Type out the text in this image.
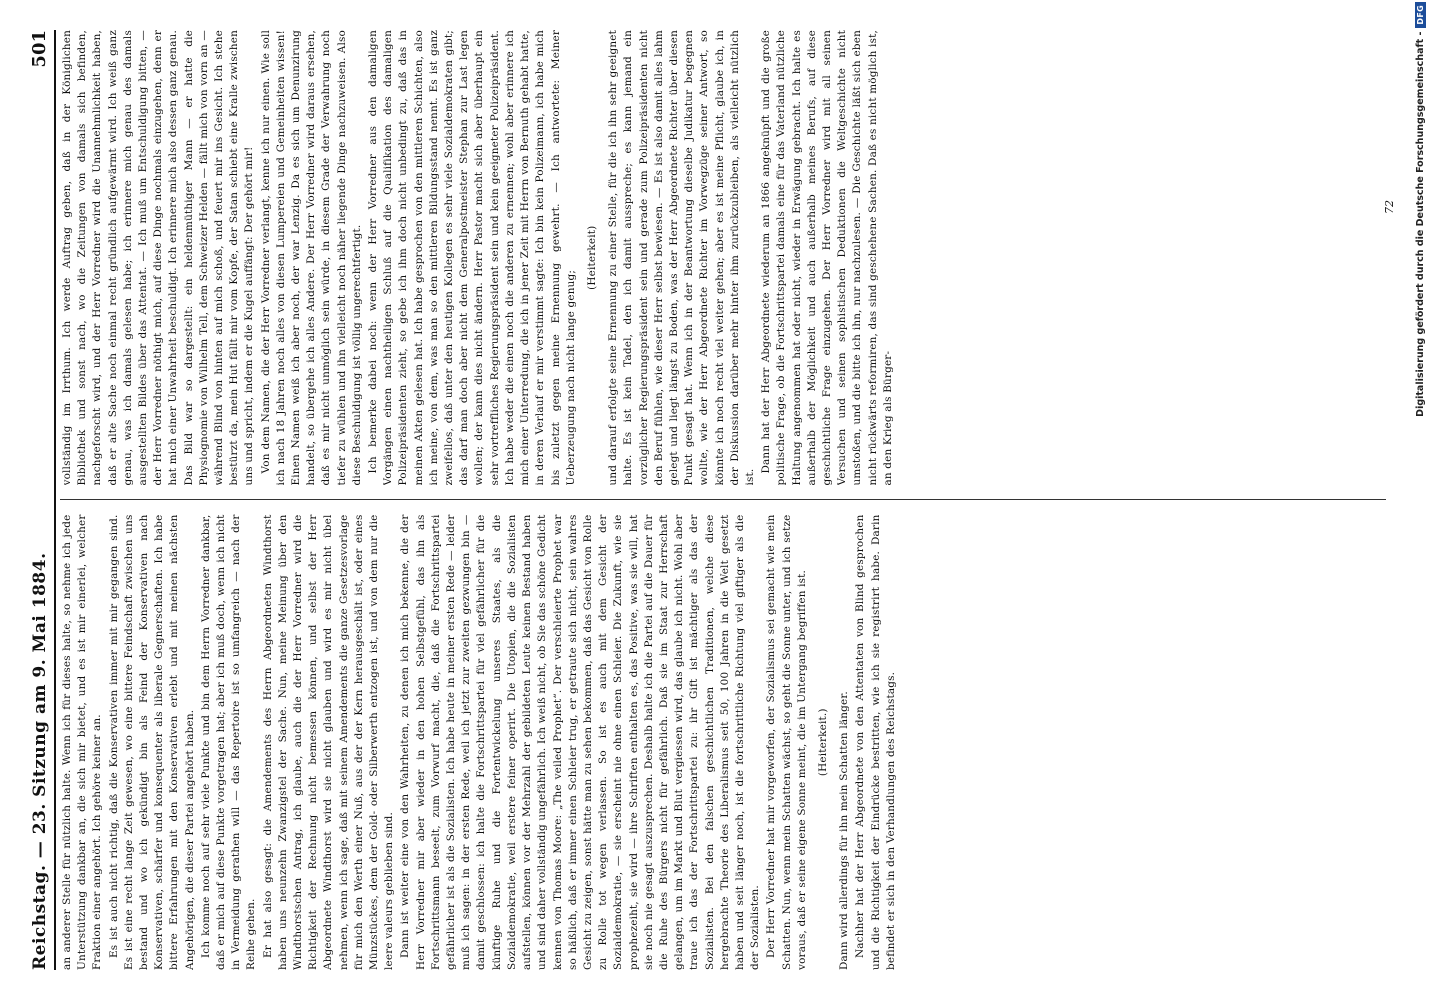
Reichstag. — 23. Sitzung am 9. Mai 1884.
501

an anderer Stelle für nützlich halte. Wenn ich für dieses halte, so nehme ich jede Unterstützung dankbar an, die sich mir bietet, und es ist mir einerlei, welcher Fraktion einer angehört. Ich gehöre keiner an. Es ist auch nicht richtig, daß die Konservativen immer mit mir gegangen sind. Es ist eine recht lange Zeit gewesen, wo eine bittere Feindschaft zwischen uns bestand und wo ich gekündigt bin als Feind der Konservativen nach Konservativen, schärfer und konsequenter als liberale Gegnerschaften. Ich habe bittere Erfahrungen mit den Konservativen erlebt und mit meinen nächsten Angehörigen, die dieser Partei angehört haben. Ich komme noch auf sehr viele Punkte und bin dem Herrn Vorredner dankbar, daß er mich auf diese Punkte vorgetragen hat; aber ich muß doch, wenn ich nicht in Vermeidung gerathen will — das Repertoire ist so umfangreich — nach der Reihe gehen. Er hat also gesagt: die Amendements des Herrn Abgeordneten Windthorst haben uns neunzehn Zwanzigstel der Sache. Nun, meine Meinung über den Windthorstschen Antrag, ich glaube, auch die der Herr Vorredner wird die Richtigkeit der Rechnung nicht bemessen können, und selbst der Herr Abgeordnete Windthorst wird sie nicht glauben und wird es mir nicht übel nehmen, wenn ich sage, daß mit seinem Amendements die ganze Gesetzesvorlage für mich den Werth einer Nuß, aus der der Kern herausgeschält ist, oder eines Münzstückes, dem der Gold- oder Silberwerth entzogen ist, und von dem nur die leere valeurs geblieben sind. Dann ist weiter eine von den Wahrheiten, zu denen ich mich bekenne, die der Herr Vorredner mir aber wieder in den hohen Selbstgefühl, das ihn als Fortschrittsmann beseelt, zum Vorwurf macht, die, daß die Fortschrittspartei gefährlicher ist als die Sozialisten. Ich habe heute in meiner ersten Rede — leider muß ich sagen: in der ersten Rede, weil ich jetzt zur zweiten gezwungen bin — damit geschlossen: ich halte die Fortschrittspartei für viel gefährlicher für die künftige Ruhe und die Fortentwickelung unseres Staates, als die Sozialdemokratie, weil erstere feiner operirt. Die Utopien, die die Sozialisten aufstellen, können vor der Mehrzahl der gebildeten Leute keinen Bestand haben und sind daher vollständig ungefährlich. Ich weiß nicht, ob Sie das schöne Gedicht kennen von Thomas Moore: „The veiled Prophet“. Der verschleierte Prophet war so häßlich, daß er immer einen Schleier trug, er getraute sich nicht, sein wahres Gesicht zu zeigen, sonst hätte man zu sehen bekommen, daß das Gesicht von Rolle zu Rolle tot wegen verlassen. So ist es auch mit dem Gesicht der Sozialdemokratie, — sie erscheint nie ohne einen Schleier. Die Zukunft, wie sie prophezeiht, sie wird — ihre Schriften enthalten es, das Positive, was sie will, hat sie noch nie gesagt auszusprechen. Deshalb halte ich die Partei auf die Dauer für die Ruhe des Bürgers nicht für gefährlich. Daß sie im Staat zur Herrschaft gelangen, um im Markt und Blut vergiessen wird, das glaube ich nicht. Wohl aber traue ich das der Fortschrittspartei zu: ihr Gift ist mächtiger als das der Sozialisten. Bei den falschen geschichtlichen Traditionen, welche diese hergebrachte Theorie des Liberalismus seit 50, 100 Jahren in die Welt gesetzt haben und seit länger noch, ist die fortschrittliche Richtung viel giftiger als die der Sozialisten. Der Herr Vorredner hat mir vorgeworfen, der Sozialismus sei gemacht wie mein Schatten. Nun, wenn mein Schatten wächst, so geht die Sonne unter, und ich setze voraus, daß er seine eigene Sonne meint, die im Untergang begriffen ist. (Heiterkeit.) Dann wird allerdings für ihn mein Schatten länger. Nachher hat der Herr Abgeordnete von den Attentaten von Blind gesprochen und die Richtigkeit der Eindrücke bestritten, wie ich sie registrirt habe. Darin befindet er sich in den Verhandlungen des Reichstags.

vollständig im Irrthum. Ich werde Auftrag geben, daß in der Königlichen Bibliothek und sonst nach, wo die Zeitungen von damals sich befinden, nachgeforscht wird, und der Herr Vorredner wird die Unannehmlichkeit haben, daß er alte Sache noch einmal recht gründlich aufgewärmt wird. Ich weiß ganz genau, was ich damals gelesen habe; ich erinnere mich genau des damals ausgestellten Bildes über das Attentat. — Ich muß um Entschuldigung bitten, — der Herr Vorredner nöthigt mich, auf diese Dinge nochmals einzugehen, denn er hat mich einer Unwahrheit beschuldigt. Ich erinnere mich also dessen ganz genau. Das Bild war so dargestellt: ein heldenmüthiger Mann — er hatte die Physiognomie von Wilhelm Tell, dem Schweizer Helden — fällt mich von vorn an — während Blind von hinten auf mich schoß, und feuert mir ins Gesicht. Ich stehe bestürzt da, mein Hut fällt mir vom Kopfe, der Satan schiebt eine Kralle zwischen uns und spricht, indem er die Kugel auffängt: Der gehört mir! Von dem Namen, die der Herr Vorredner verlangt, kenne ich nur einen. Wie soll ich nach 18 Jahren noch alles von diesen Lumpereien und Gemeinheiten wissen! Einen Namen weiß ich aber noch, der war Lenzig. Da es sich um Denunzirung handelt, so übergehe ich alles Andere. Der Herr Vorredner wird daraus ersehen, daß es mir nicht unmöglich sein würde, in diesem Grade der Verwahrung noch tiefer zu wühlen und ihn vielleicht noch näher liegende Dinge nachzuweisen. Also diese Beschuldigung ist völlig ungerechtfertigt. Ich bemerke dabei noch: wenn der Herr Vorredner aus den damaligen Vorgängen einen nachtheiligen Schluß auf die Qualifikation des damaligen Polizeipräsidenten zieht, so gebe ich ihm doch nicht unbedingt zu, daß das in meinen Akten gelesen hat. Ich habe gesprochen von den mittleren Schichten, also ich meine, von dem, was man so den mittleren Bildungsstand nennt. Es ist ganz zweifellos, daß unter den heutigen Kollegen es sehr viele Sozialdemokraten gibt; das darf man doch aber nicht dem Generalpostmeister Stephan zur Last legen wollen; der kann dies nicht ändern. Herr Pastor macht sich aber überhaupt ein sehr vortreffliches Regierungspräsident sein und kein geeigneter Polizeipräsident. Ich habe weder die einen noch die anderen zu ernennen; wohl aber erinnere ich mich einer Unterredung, die ich in jener Zeit mit Herrn von Bernuth gehabt hatte, in deren Verlauf er mir verstimmt sagte: Ich bin kein Polizeimann, ich habe mich bis zuletzt gegen meine Ernennung gewehrt. — Ich antwortete: Meiner Ueberzeugung nach nicht lange genug;

(Heiterkeit) und darauf erfolgte seine Ernennung zu einer Stelle, für die ich ihn sehr geeignet halte. Es ist kein Tadel, den ich damit ausspreche; es kann jemand ein vorzüglicher Regierungspräsident sein und gerade zum Polizeipräsidenten nicht den Beruf fühlen, wie dieser Herr selbst bewiesen. — Es ist also damit alles lahm gelegt und liegt längst zu Boden, was der Herr Abgeordnete Richter über diesen Punkt gesagt hat. Wenn ich in der Beantwortung dieselbe Judikatur begegnen wollte, wie der Herr Abgeordnete Richter im Vorwegzüge seiner Antwort, so könnte ich noch recht viel weiter gehen; aber es ist meine Pflicht, glaube ich, in der Diskussion darüber mehr hinter ihm zurückzubleiben, als vielleicht nützlich ist.

Dann hat der Herr Abgeordnete wiederum an 1866 angeknüpft und die große politische Frage, ob die Fortschrittspartei damals eine für das Vaterland nützliche Haltung angenommen hat oder nicht, wieder in Erwägung gebracht. Ich halte es außerhalb der Möglichkeit und auch außerhalb meines Berufs, auf diese geschichtliche Frage einzugehen. Der Herr Vorredner wird mit all seinen Versuchen und seinen sophistischen Deduktionen die Weltgeschichte nicht umstoßen, und die bitte ich ihn, nur nachzulesen. — Die Geschichte läßt sich eben nicht rückwärts reformiren, das sind geschehene Sachen. Daß es nicht möglich ist, an den Krieg als Bürger-

72 Digitalisierung gefördert durch die Deutsche Forschungsgemeinschaft -
DFG
